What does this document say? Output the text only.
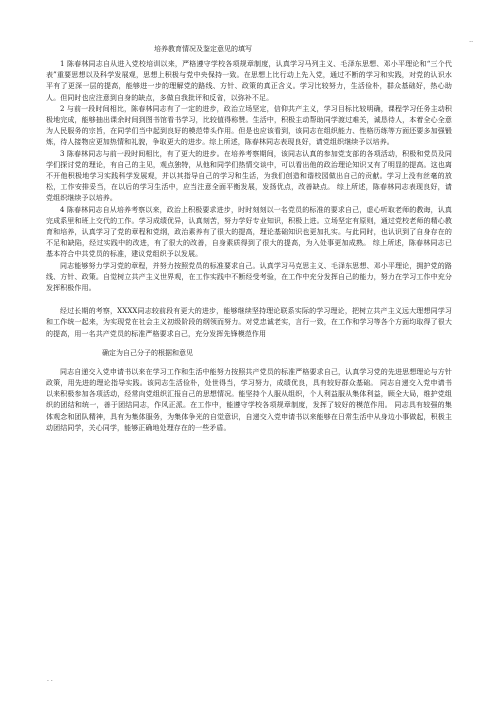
..
培养教育情况及鉴定意见的填写

1 陈春林同志自从进入党校培训以来，严格遵守学校各项规章制度，认真学习马列主义、毛泽东思想、邓小平理论和“三个代表”重要思想以及科学发展观，思想上积极与党中央保持一致。在思想上比行动上先入党，通过不断的学习和实践，对党的认识水平有了更深一层的提高，能够进一步的理解党的路线、方针、政策的真正含义。学习比较努力，生活俭朴，群众基础好，热心助人。但同时也应注意到自身的缺点，多做自我批评和反省，以弥补不足。

2 与前一段时间相比，陈春林同志有了一定的进步，政治立场坚定，信仰共产主义，学习目标比较明确，课程学习任务主动积极地完成，能够抽出课余时间到图书馆看书学习，比较值得称赞。生活中，积极主动帮助同学渡过难关，诚恳待人，本着全心全意为人民服务的宗旨，在同学们当中起到良好的模范带头作用。但是也应该看到，该同志在组织能力、性格历练等方面还要多加强锻炼，待人接物应更加热情和礼貌，争取更大的进步。综上所述，陈春林同志表现良好，请党组织继续予以培养。

3 陈春林同志与前一段时间相比，有了更大的进步。在培养考察期间，该同志认真的参加党支部的各项活动，积极和党员及同学们探讨党的理论，有自己的主见，观点独特，从他和同学们热情交谈中，可以看出他的政治理论知识又有了明显的提高。这也离不开他积极地学习实践科学发展观，并以其指导自己的学习和生活，为我们创造和谐校园做出自己的贡献。学习上没有丝毫的放松，工作安排妥当，在以后的学习生活中，应当注意全面平衡发展，发扬优点，改善缺点。 综上所述，陈春林同志表现良好，请党组织继续予以培养。

4 陈春林同志自从培养考察以来，政治上积极要求进步，时时刻刻以一名党员的标准的要求自己，虚心听取老师的教诲，认真完成系里和班上交代的工作。学习成绩优异，认真刻苦，努力学好专业知识，积极上进。立场坚定有原则，通过党校老师的精心教育和培养，认真学习了党的章程和党纲，政治素养有了很大的提高，理论基础知识也更加扎实。与此同时，也认识到了自身存在的不足和缺陷，经过实践中的改进，有了很大的改善，自身素质得到了很大的提高，为入处事更加成熟。 综上所述，陈春林同志已基本符合中共党员的标准，建议党组织予以发展。

同志能够努力学习党的章程，并努力按照党员的标准要求自己。认真学习马克思主义、毛泽东思想、邓小平理论，拥护党的路线、方针、政策。自觉树立共产主义世界观，在工作实践中不断经受考验，在工作中充分发挥自己的能力，努力在学习工作中充分发挥积极作用。

经过长期的考察，XXXX同志较前段有更大的进步，能够继续坚持理论联系实际的学习理论，把树立共产主义远大理想同学习和工作统一起来，为实现党在社会主义初级阶段的纲领而努力。对党忠诚老实，言行一致，在工作和学习等各个方面均取得了很大的提高，用一名共产党员的标准严格要求自己，充分发挥先锋模范作用

确定为自己分子的根据和意见

同志自递交入党申请书以来在学习工作和生活中能努力按照共产党员的标准严格要求自己，认真学习党的先进思想理论与方针政策，用先进的理论指导实践。该同志生活俭朴，处世得当，学习努力，成绩优良，具有较好群众基础。 同志自递交入党申请书以来积极参加各项活动，经常向党组织汇报自己的思想情况。能坚持个人服从组织，个人利益服从集体利益，顾全大局，维护党组织的团结和统一，善于团结同志，作风正派。在工作中，能遵守学校各项规章制度，发挥了较好的模范作用。 同志具有较强的集体观念和团队精神，具有为集体服务，为集体争光的自觉意识，自递交入党申请书以来能够在日常生活中从身边小事做起，积极主动团结同学，关心同学，能够正确地处理存在的一些矛盾。

. .
